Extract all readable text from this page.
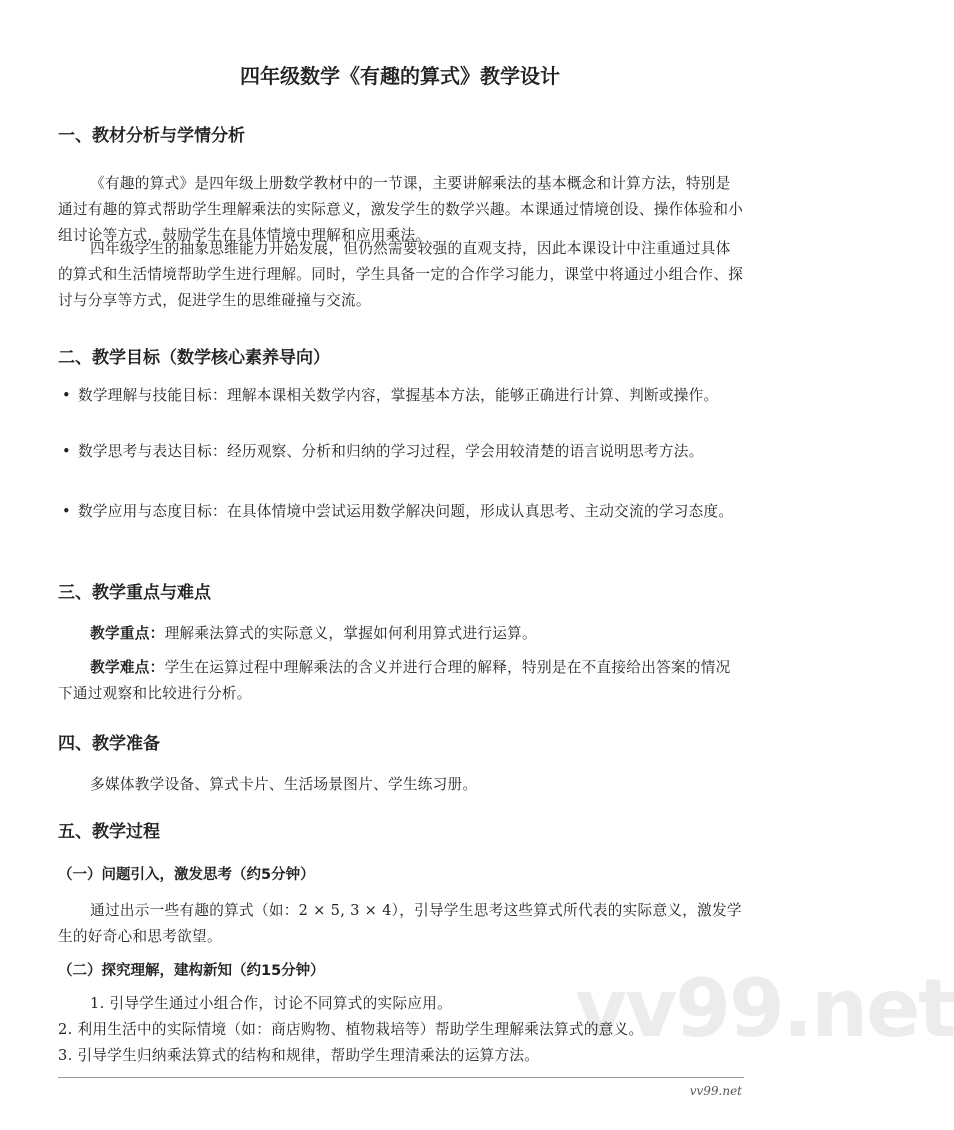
vv99.net
四年级数学《有趣的算式》教学设计
一、教材分析与学情分析
《有趣的算式》是四年级上册数学教材中的一节课，主要讲解乘法的基本概念和计算方法，特别是通过有趣的算式帮助学生理解乘法的实际意义，激发学生的数学兴趣。本课通过情境创设、操作体验和小组讨论等方式，鼓励学生在具体情境中理解和应用乘法。
四年级学生的抽象思维能力开始发展，但仍然需要较强的直观支持，因此本课设计中注重通过具体的算式和生活情境帮助学生进行理解。同时，学生具备一定的合作学习能力，课堂中将通过小组合作、探讨与分享等方式，促进学生的思维碰撞与交流。
二、教学目标（数学核心素养导向）
• 数学理解与技能目标：理解本课相关数学内容，掌握基本方法，能够正确进行计算、判断或操作。
• 数学思考与表达目标：经历观察、分析和归纳的学习过程，学会用较清楚的语言说明思考方法。
• 数学应用与态度目标：在具体情境中尝试运用数学解决问题，形成认真思考、主动交流的学习态度。
三、教学重点与难点
教学重点：理解乘法算式的实际意义，掌握如何利用算式进行运算。
教学难点：学生在运算过程中理解乘法的含义并进行合理的解释，特别是在不直接给出答案的情况下通过观察和比较进行分析。
四、教学准备
多媒体教学设备、算式卡片、生活场景图片、学生练习册。
五、教学过程
（一）问题引入，激发思考（约5分钟）
通过出示一些有趣的算式（如：2 × 5, 3 × 4），引导学生思考这些算式所代表的实际意义，激发学生的好奇心和思考欲望。
（二）探究理解，建构新知（约15分钟）
1. 引导学生通过小组合作，讨论不同算式的实际应用。
2. 利用生活中的实际情境（如：商店购物、植物栽培等）帮助学生理解乘法算式的意义。
3. 引导学生归纳乘法算式的结构和规律，帮助学生理清乘法的运算方法。
vv99.net
